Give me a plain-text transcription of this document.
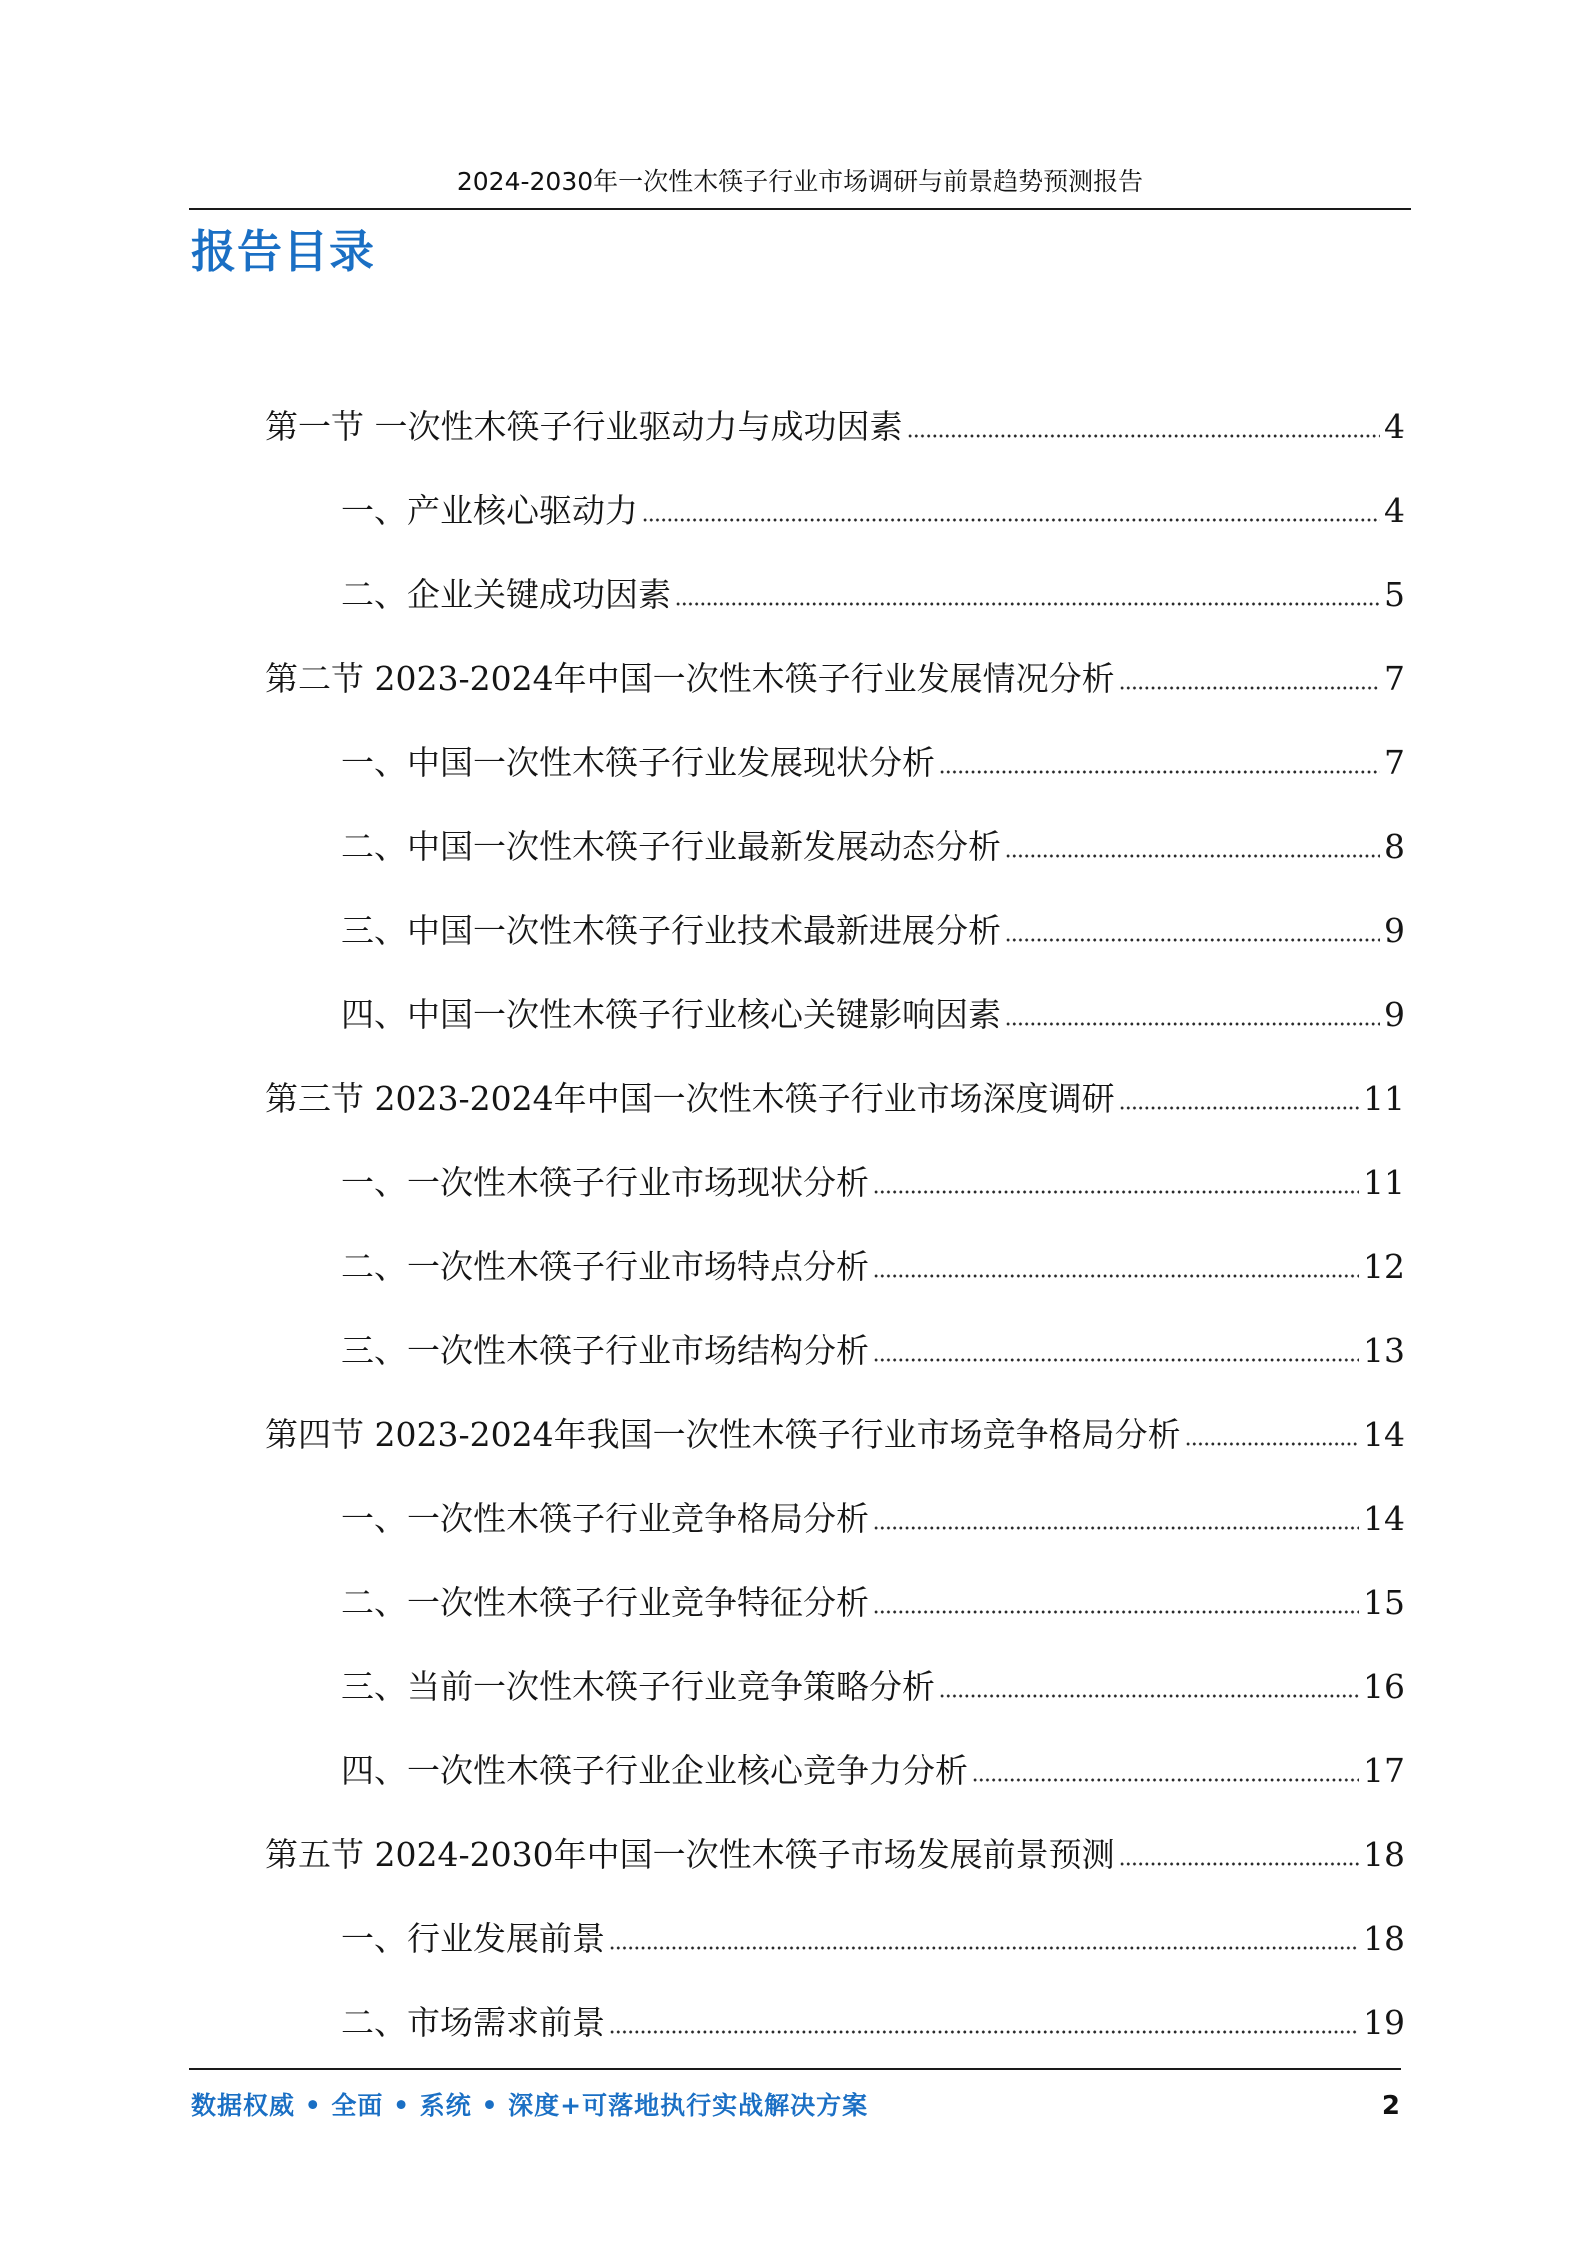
2024-2030年一次性木筷子行业市场调研与前景趋势预测报告
报告目录
第一节 一次性木筷子行业驱动力与成功因素	4
一、产业核心驱动力	4
二、企业关键成功因素	5
第二节 2023-2024年中国一次性木筷子行业发展情况分析	7
一、中国一次性木筷子行业发展现状分析	7
二、中国一次性木筷子行业最新发展动态分析	8
三、中国一次性木筷子行业技术最新进展分析	9
四、中国一次性木筷子行业核心关键影响因素	9
第三节 2023-2024年中国一次性木筷子行业市场深度调研	11
一、一次性木筷子行业市场现状分析	11
二、一次性木筷子行业市场特点分析	12
三、一次性木筷子行业市场结构分析	13
第四节 2023-2024年我国一次性木筷子行业市场竞争格局分析	14
一、一次性木筷子行业竞争格局分析	14
二、一次性木筷子行业竞争特征分析	15
三、当前一次性木筷子行业竞争策略分析	16
四、一次性木筷子行业企业核心竞争力分析	17
第五节 2024-2030年中国一次性木筷子市场发展前景预测	18
一、行业发展前景	18
二、市场需求前景	19
数据权威 • 全面 • 系统 • 深度+可落地执行实战解决方案	2
